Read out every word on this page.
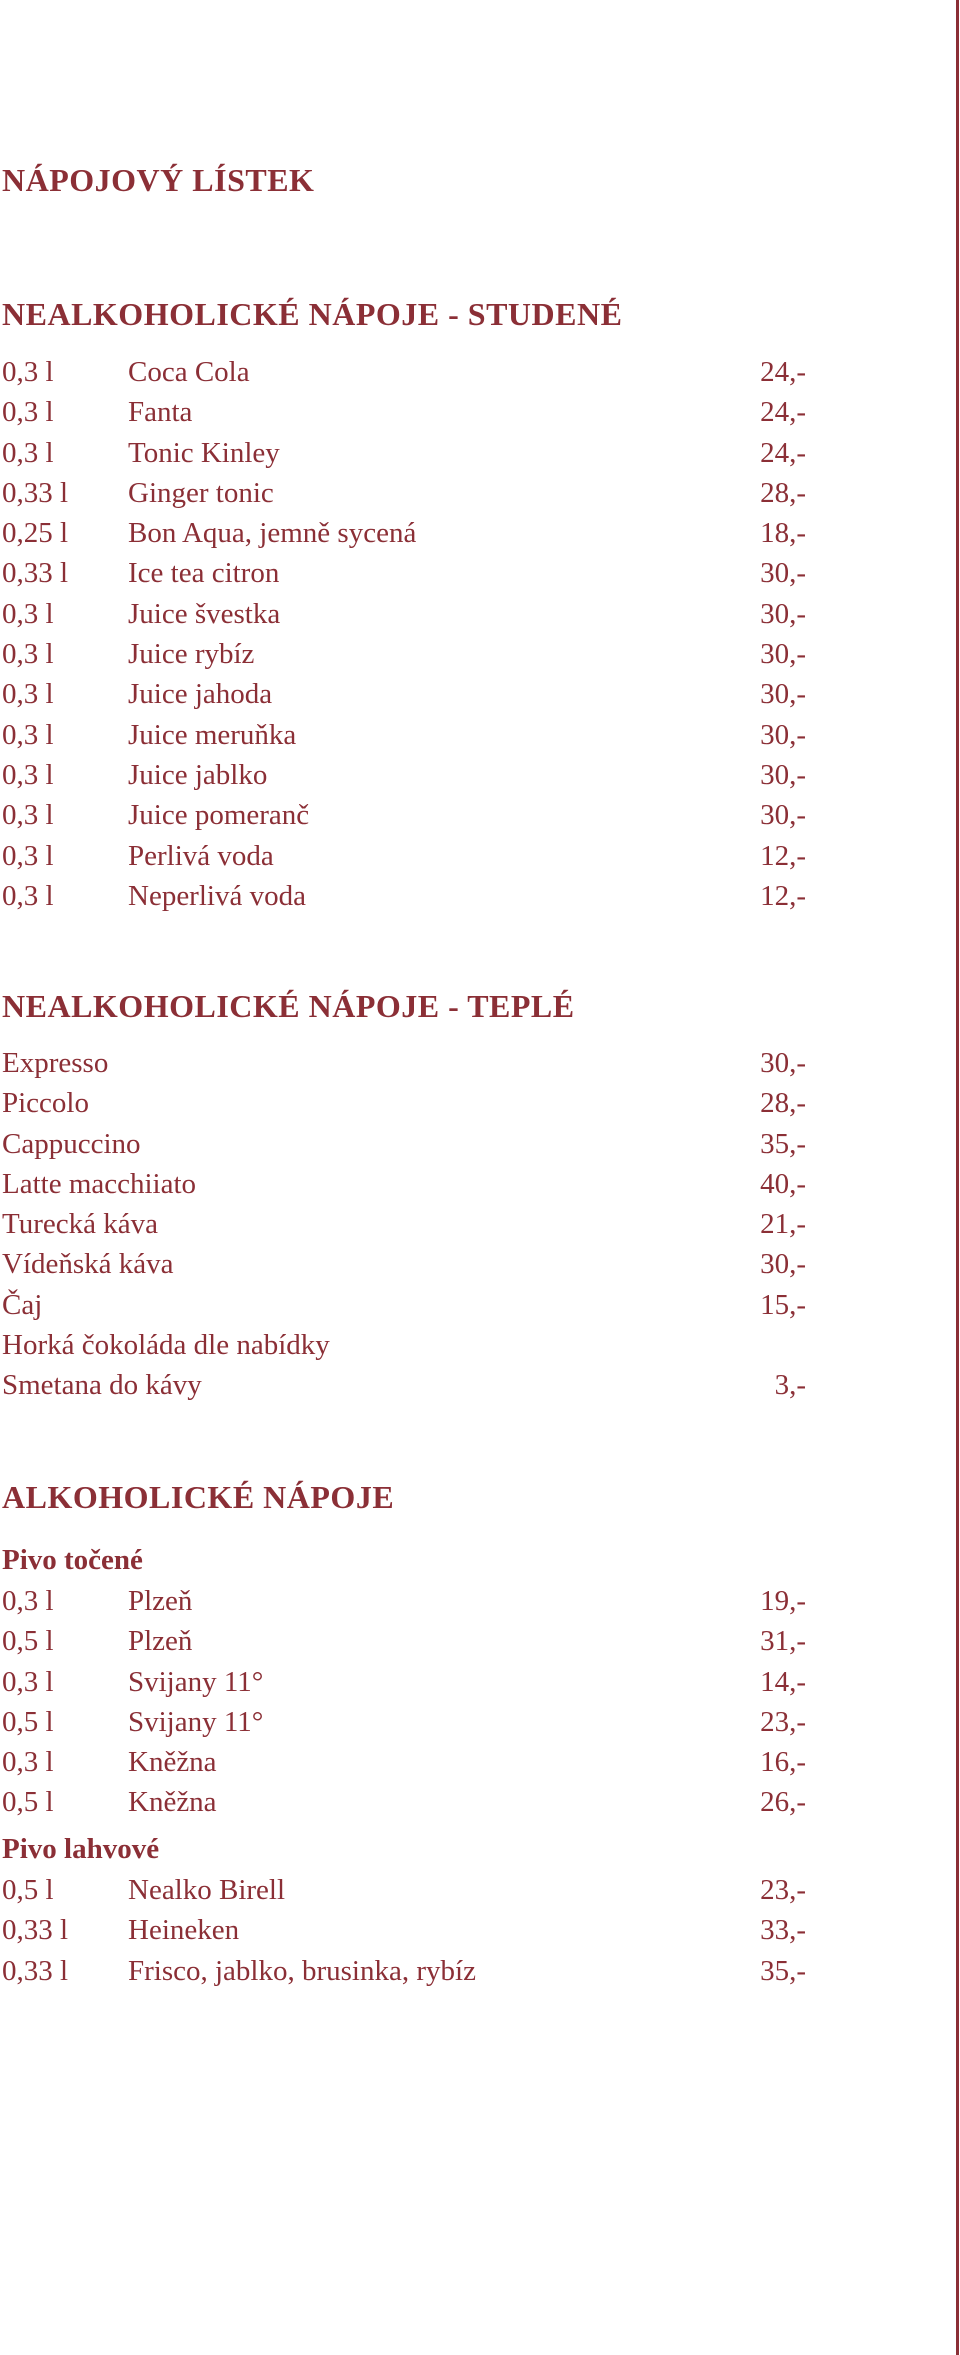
NÁPOJOVÝ LÍSTEK
NEALKOHOLICKÉ NÁPOJE - STUDENÉ
0,3 l	Coca Cola	24,-
0,3 l	Fanta	24,-
0,3 l	Tonic Kinley	24,-
0,33 l Ginger tonic	28,-
0,25 l Bon Aqua, jemně sycená	18,-
0,33 l Ice tea citron	30,-
0,3 l	Juice švestka	30,-
0,3 l	Juice rybíz	30,-
0,3 l	Juice jahoda	30,-
0,3 l	Juice meruňka	30,-
0,3 l	Juice jablko	30,-
0,3 l	Juice pomeranč	30,-
0,3 l	Perlivá voda	12,-
0,3 l	Neperlivá voda	12,-
NEALKOHOLICKÉ NÁPOJE - TEPLÉ
Expresso	30,-
Piccolo	28,-
Cappuccino	35,-
Latte macchiiato	40,-
Turecká káva	21,-
Vídeňská káva	30,-
Čaj	15,-
Horká čokoláda dle nabídky
Smetana do kávy	3,-
ALKOHOLICKÉ NÁPOJE
Pivo točené
0,3 l	Plzeň	19,-
0,5 l	Plzeň	31,-
0,3 l	Svijany 11°	14,-
0,5 l	Svijany 11°	23,-
0,3 l	Kněžna	16,-
0,5 l	Kněžna	26,-
Pivo lahvové
0,5 l	Nealko Birell	23,-
0,33 l Heineken	33,-
0,33 l Frisco, jablko, brusinka, rybíz	35,-
